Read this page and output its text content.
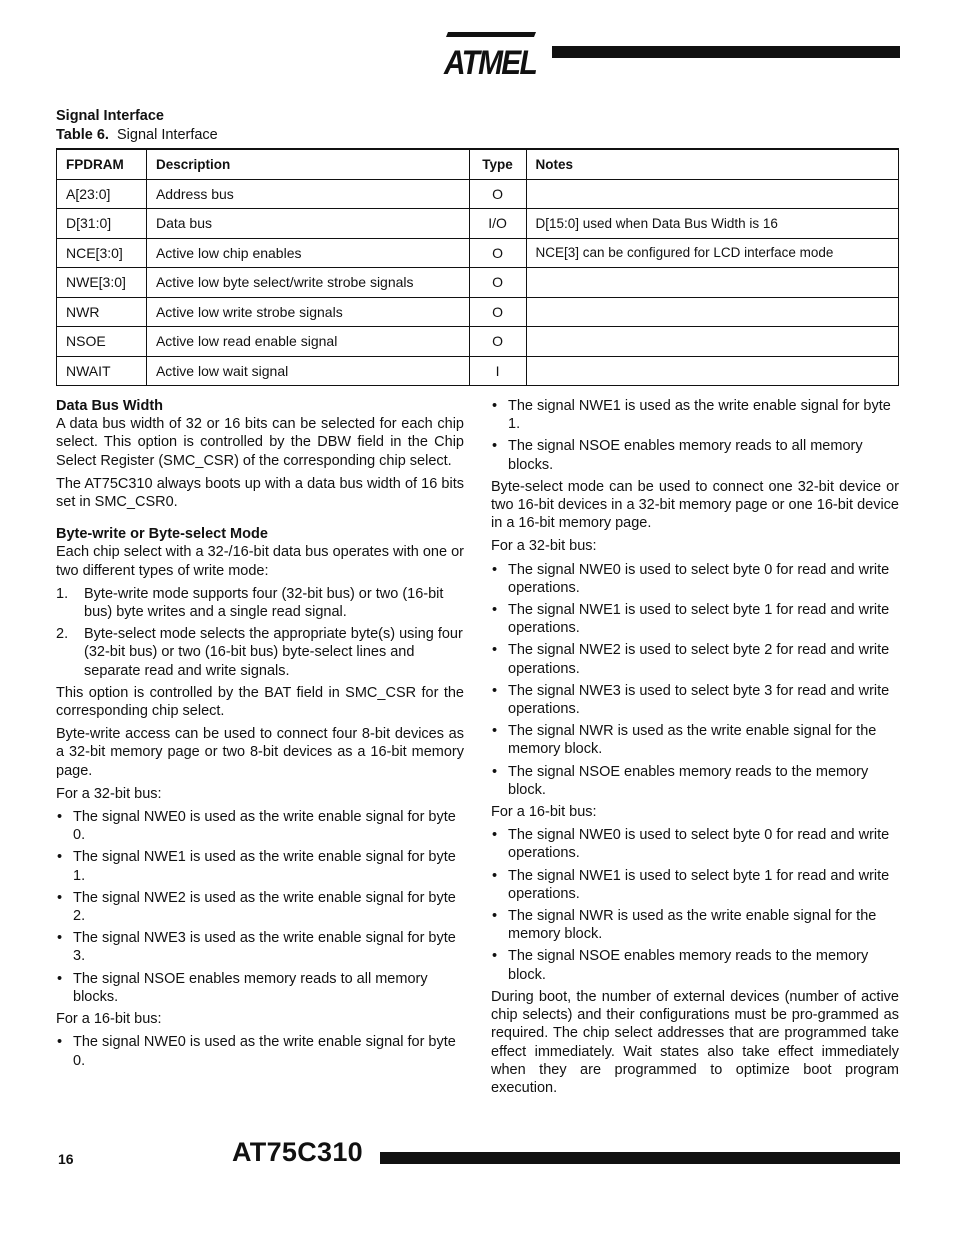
ATMEL
Signal Interface
Table 6. Signal Interface
FPDRAM	Description	Type	Notes
A[23:0]	Address bus	O	
D[31:0]	Data bus	I/O	D[15:0] used when Data Bus Width is 16
NCE[3:0]	Active low chip enables	O	NCE[3] can be configured for LCD interface mode
NWE[3:0]	Active low byte select/write strobe signals	O	
NWR	Active low write strobe signals	O	
NSOE	Active low read enable signal	O	
NWAIT	Active low wait signal	I	
Data Bus Width

A data bus width of 32 or 16 bits can be selected for each chip select. This option is controlled by the DBW field in the Chip Select Register (SMC_CSR) of the corresponding chip select.

The AT75C310 always boots up with a data bus width of 16 bits set in SMC_CSR0.

Byte-write or Byte-select Mode

Each chip select with a 32-/16-bit data bus operates with one or two different types of write mode:

1. Byte-write mode supports four (32-bit bus) or two (16-bit bus) byte writes and a single read signal.
2. Byte-select mode selects the appropriate byte(s) using four (32-bit bus) or two (16-bit bus) byte-select lines and separate read and write signals.

This option is controlled by the BAT field in SMC_CSR for the corresponding chip select.

Byte-write access can be used to connect four 8-bit devices as a 32-bit memory page or two 8-bit devices as a 16-bit memory page.

For a 32-bit bus:

• The signal NWE0 is used as the write enable signal for byte 0.
• The signal NWE1 is used as the write enable signal for byte 1.
• The signal NWE2 is used as the write enable signal for byte 2.
• The signal NWE3 is used as the write enable signal for byte 3.
• The signal NSOE enables memory reads to all memory blocks.

For a 16-bit bus:

• The signal NWE0 is used as the write enable signal for byte 0.
• The signal NWE1 is used as the write enable signal for byte 1.
• The signal NSOE enables memory reads to all memory blocks.

Byte-select mode can be used to connect one 32-bit device or two 16-bit devices in a 32-bit memory page or one 16-bit device in a 16-bit memory page.

For a 32-bit bus:

• The signal NWE0 is used to select byte 0 for read and write operations.
• The signal NWE1 is used to select byte 1 for read and write operations.
• The signal NWE2 is used to select byte 2 for read and write operations.
• The signal NWE3 is used to select byte 3 for read and write operations.
• The signal NWR is used as the write enable signal for the memory block.
• The signal NSOE enables memory reads to the memory block.

For a 16-bit bus:

• The signal NWE0 is used to select byte 0 for read and write operations.
• The signal NWE1 is used to select byte 1 for read and write operations.
• The signal NWR is used as the write enable signal for the memory block.
• The signal NSOE enables memory reads to the memory block.

During boot, the number of external devices (number of active chip selects) and their configurations must be pro-grammed as required. The chip select addresses that are programmed take effect immediately. Wait states also take effect immediately when they are programmed to optimize boot program execution.

16	AT75C310
